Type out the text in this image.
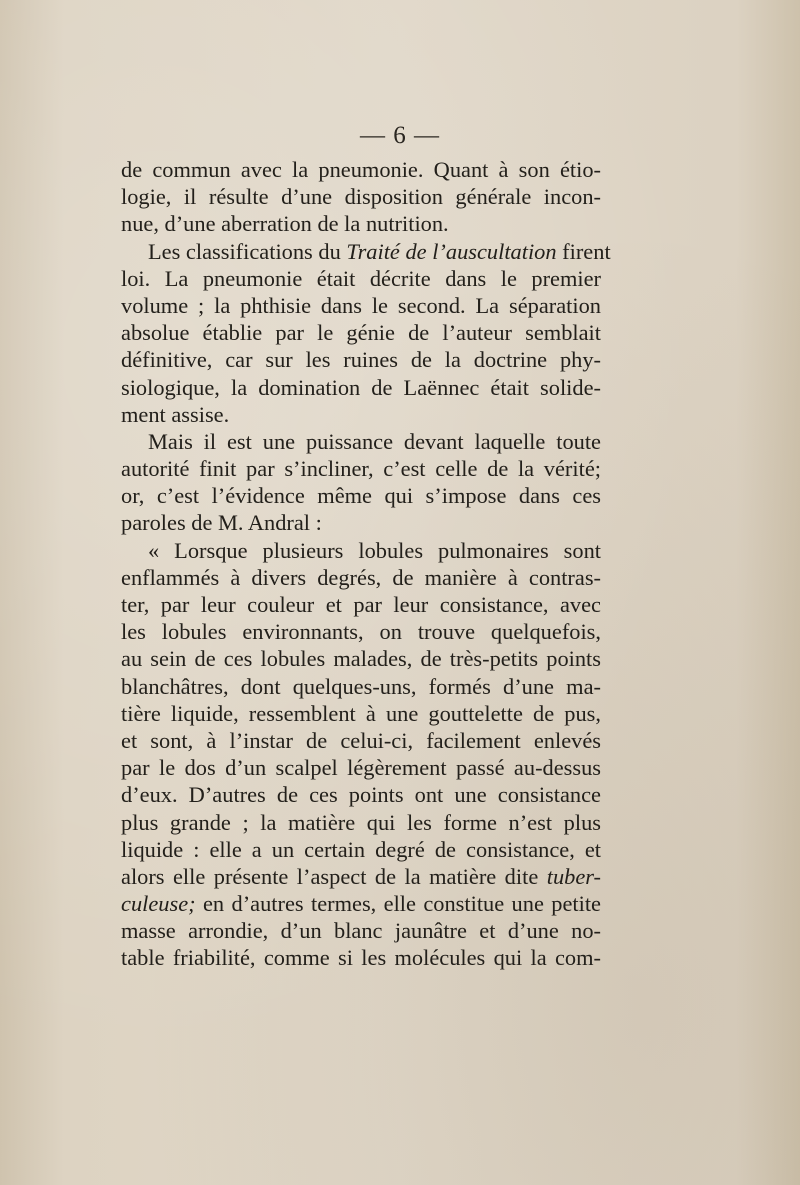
— 6 —
de commun avec la pneumonie. Quant à son étio-
logie, il résulte d’une disposition générale incon-
nue, d’une aberration de la nutrition.
Les classifications du Traité de l’auscultation firent
loi. La pneumonie était décrite dans le premier
volume ; la phthisie dans le second. La séparation
absolue établie par le génie de l’auteur semblait
définitive, car sur les ruines de la doctrine phy-
siologique, la domination de Laënnec était solide-
ment assise.
Mais il est une puissance devant laquelle toute
autorité finit par s’incliner, c’est celle de la vérité;
or, c’est l’évidence même qui s’impose dans ces
paroles de M. Andral :
« Lorsque plusieurs lobules pulmonaires sont
enflammés à divers degrés, de manière à contras-
ter, par leur couleur et par leur consistance, avec
les lobules environnants, on trouve quelquefois,
au sein de ces lobules malades, de très-petits points
blanchâtres, dont quelques-uns, formés d’une ma-
tière liquide, ressemblent à une gouttelette de pus,
et sont, à l’instar de celui-ci, facilement enlevés
par le dos d’un scalpel légèrement passé au-dessus
d’eux. D’autres de ces points ont une consistance
plus grande ; la matière qui les forme n’est plus
liquide : elle a un certain degré de consistance, et
alors elle présente l’aspect de la matière dite tuber-
culeuse; en d’autres termes, elle constitue une petite
masse arrondie, d’un blanc jaunâtre et d’une no-
table friabilité, comme si les molécules qui la com-
